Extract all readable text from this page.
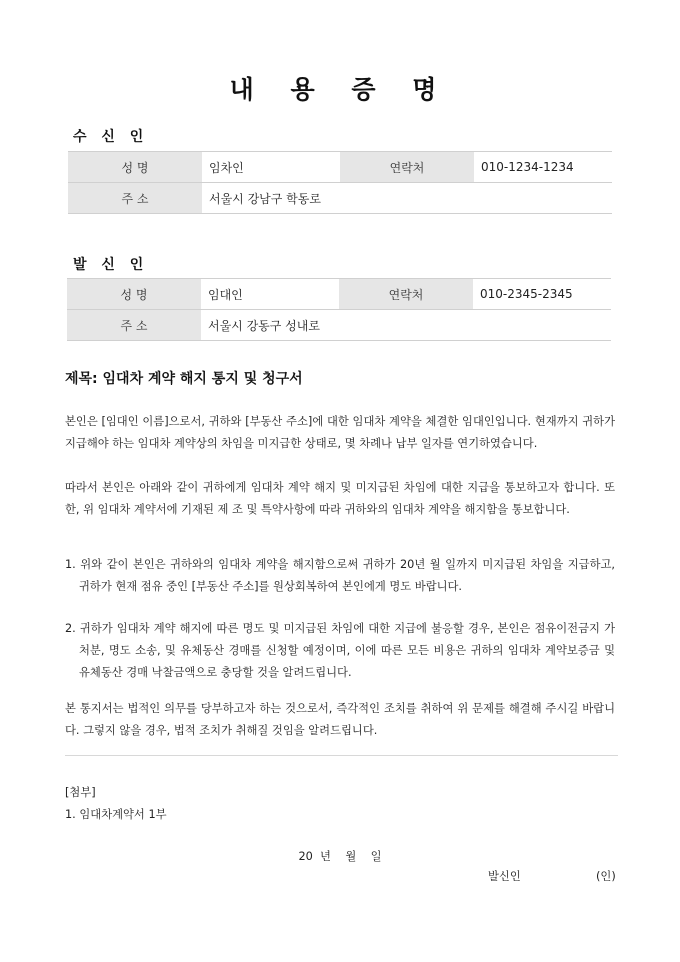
내 용 증 명
수 신 인
성 명	임차인	연락처	010-1234-1234
주 소	서울시 강남구 학동로		
발 신 인
성 명	임대인	연락처	010-2345-2345
주 소	서울시 강동구 성내로		
제목: 임대차 계약 해지 통지 및 청구서
본인은 [임대인 이름]으로서, 귀하와 [부동산 주소]에 대한 임대차 계약을 체결한 임대인입니다. 현재까지 귀하가 지급해야 하는 임대차 계약상의 차임을 미지급한 상태로, 몇 차례나 납부 일자를 연기하였습니다.
따라서 본인은 아래와 같이 귀하에게 임대차 계약 해지 및 미지급된 차임에 대한 지급을 통보하고자 합니다. 또한, 위 임대차 계약서에 기재된 제 조 및 특약사항에 따라 귀하와의 임대차 계약을 해지함을 통보합니다.
1. 위와 같이 본인은 귀하와의 임대차 계약을 해지함으로써 귀하가 20년 월 일까지 미지급된 차임을 지급하고, 귀하가 현재 점유 중인 [부동산 주소]를 원상회복하여 본인에게 명도 바랍니다.
2. 귀하가 임대차 계약 해지에 따른 명도 및 미지급된 차임에 대한 지급에 불응할 경우, 본인은 점유이전금지 가처분, 명도 소송, 및 유체동산 경매를 신청할 예정이며, 이에 따른 모든 비용은 귀하의 임대차 계약보증금 및 유체동산 경매 낙찰금액으로 충당할 것을 알려드립니다.
본 통지서는 법적인 의무를 당부하고자 하는 것으로서, 즉각적인 조치를 취하여 위 문제를 해결해 주시길 바랍니다. 그렇지 않을 경우, 법적 조치가 취해질 것임을 알려드립니다.
[첨부]
1. 임대차계약서 1부
20  년    월    일
발신인	(인)
